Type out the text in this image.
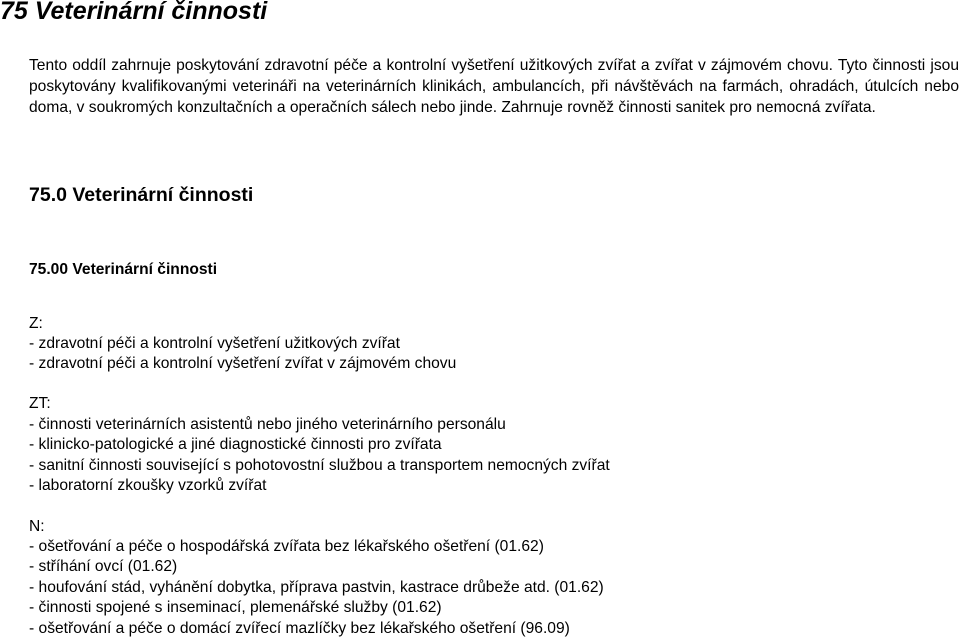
75 Veterinární činnosti
Tento oddíl zahrnuje poskytování zdravotní péče a kontrolní vyšetření užitkových zvířat a zvířat v zájmovém chovu. Tyto činnosti jsou poskytovány kvalifikovanými veterináři na veterinárních klinikách, ambulancích, při návštěvách na farmách, ohradách, útulcích nebo doma, v soukromých konzultačních a operačních sálech nebo jinde. Zahrnuje rovněž činnosti sanitek pro nemocná zvířata.
75.0 Veterinární činnosti
75.00 Veterinární činnosti
Z:
- zdravotní péči a kontrolní vyšetření užitkových zvířat
- zdravotní péči a kontrolní vyšetření zvířat v zájmovém chovu
ZT:
- činnosti veterinárních asistentů nebo jiného veterinárního personálu
- klinicko-patologické a jiné diagnostické činnosti pro zvířata
- sanitní činnosti související s pohotovostní službou a transportem nemocných zvířat
- laboratorní zkoušky vzorků zvířat
N:
- ošetřování a péče o hospodářská zvířata bez lékařského ošetření (01.62)
- stříhání ovcí (01.62)
- houfování stád, vyhánění dobytka, příprava pastvin, kastrace drůbeže atd. (01.62)
- činnosti spojené s inseminací, plemenářské služby (01.62)
- ošetřování a péče o domácí zvířecí mazlíčky bez lékařského ošetření (96.09)
